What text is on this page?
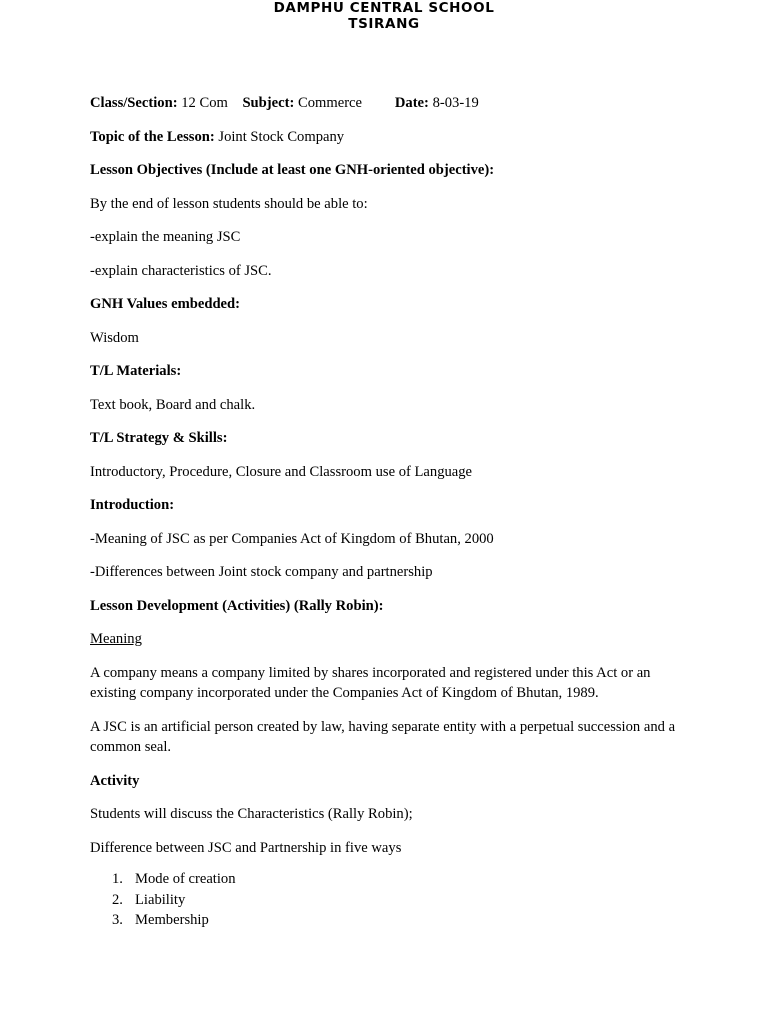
DAMPHU CENTRAL SCHOOL
TSIRANG

Class/Section: 12 Com Subject: Commerce Date: 8-03-19

Topic of the Lesson: Joint Stock Company

Lesson Objectives (Include at least one GNH-oriented objective):

By the end of lesson students should be able to:

-explain the meaning JSC

-explain characteristics of JSC.

GNH Values embedded:

Wisdom

T/L Materials:

Text book, Board and chalk.

T/L Strategy & Skills:

Introductory, Procedure, Closure and Classroom use of Language

Introduction:

-Meaning of JSC as per Companies Act of Kingdom of Bhutan, 2000

-Differences between Joint stock company and partnership

Lesson Development (Activities) (Rally Robin):

Meaning

A company means a company limited by shares incorporated and registered under this Act or an existing company incorporated under the Companies Act of Kingdom of Bhutan, 1989.

A JSC is an artificial person created by law, having separate entity with a perpetual succession and a common seal.

Activity

Students will discuss the Characteristics (Rally Robin);

Difference between JSC and Partnership in five ways

1. Mode of creation
2. Liability
3. Membership
